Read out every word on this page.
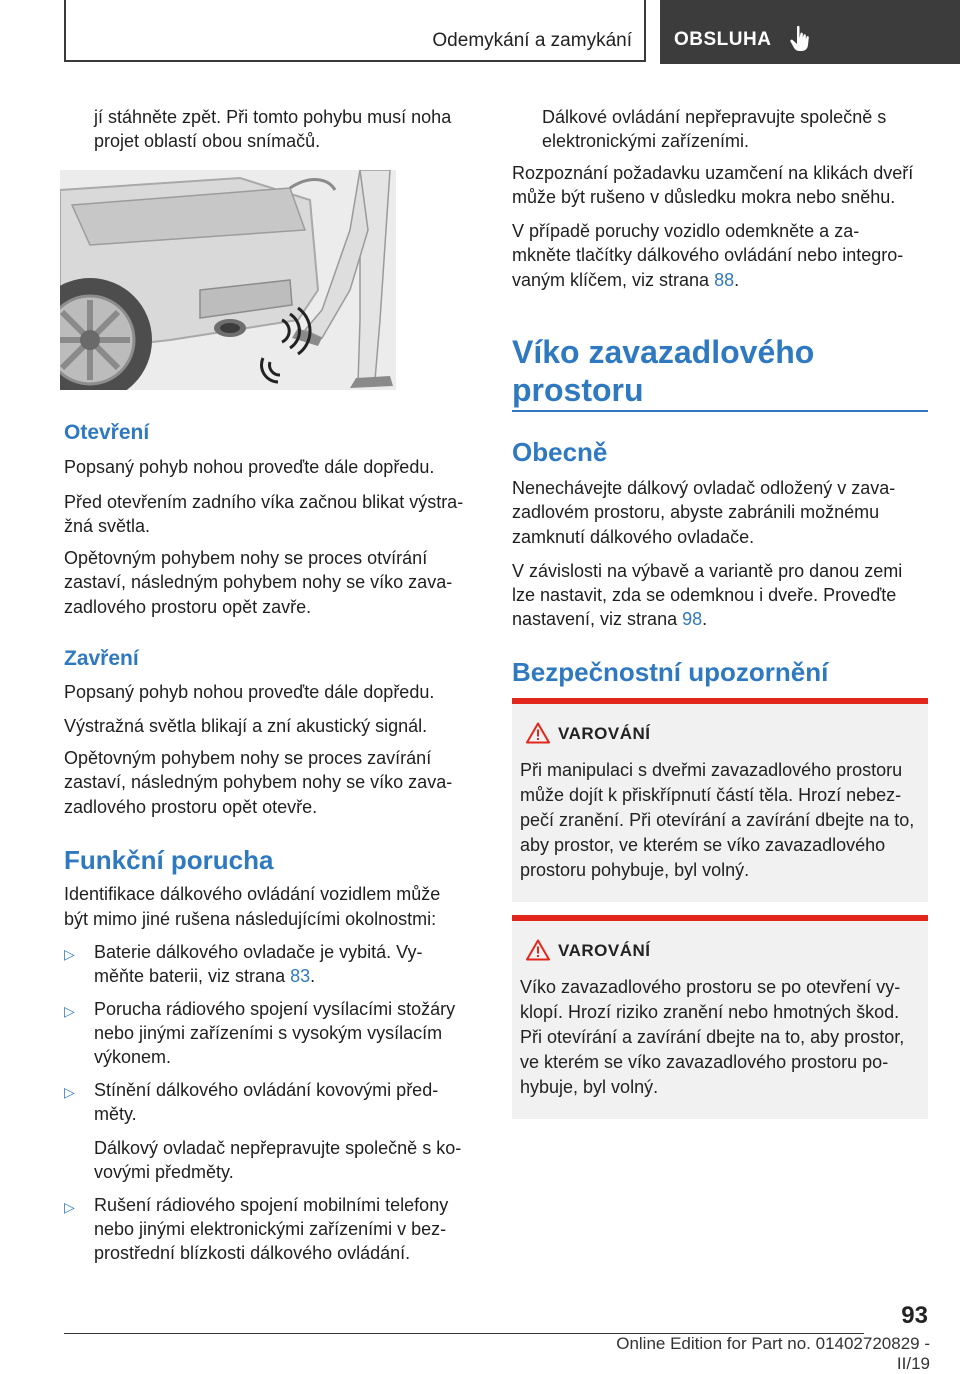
Odemykání a zamykání OBSLUHA

jí stáhněte zpět. Při tomto pohybu musí noha

projet oblastí obou snímačů.

Otevření

Popsaný pohyb nohou proveďte dále dopředu.

Před otevřením zadního víka začnou blikat výstra‐

žná světla.

Opětovným pohybem nohy se proces otvírání

zastaví, následným pohybem nohy se víko zava‐

zadlového prostoru opět zavře.

Zavření

Popsaný pohyb nohou proveďte dále dopředu.

Výstražná světla blikají a zní akustický signál.

Opětovným pohybem nohy se proces zavírání

zastaví, následným pohybem nohy se víko zava‐

zadlového prostoru opět otevře.

Funkční porucha

Identifikace dálkového ovládání vozidlem může

být mimo jiné rušena následujícími okolnostmi:

▷	Baterie dálkového ovladače je vybitá. Vy‐

měňte baterii, viz strana 83.

▷	Porucha rádiového spojení vysílacími stožáry

nebo jinými zařízeními s vysokým vysílacím

výkonem.

▷	Stínění dálkového ovládání kovovými před‐

měty.

Dálkový ovladač nepřepravujte společně s ko‐

vovými předměty.

▷	Rušení rádiového spojení mobilními telefony

nebo jinými elektronickými zařízeními v bez‐

prostřední blízkosti dálkového ovládání.

Dálkové ovládání nepřepravujte společně s

elektronickými zařízeními.

Rozpoznání požadavku uzamčení na klikách dveří

může být rušeno v důsledku mokra nebo sněhu.

V případě poruchy vozidlo odemkněte a za‐

mkněte tlačítky dálkového ovládání nebo integro‐

vaným klíčem, viz strana 88.

Víko zavazadlového
prostoru
Obecně

Nenechávejte dálkový ovladač odložený v zava‐

zadlovém prostoru, abyste zabránili možnému

zamknutí dálkového ovladače.

V závislosti na výbavě a variantě pro danou zemi

lze nastavit, zda se odemknou i dveře. Proveďte

nastavení, viz strana 98.

Bezpečnostní upozornění
VAROVÁNÍ
Při manipulaci s dveřmi zavazadlového prostoru
může dojít k přiskřípnutí částí těla. Hrozí nebez‐
pečí zranění. Při otevírání a zavírání dbejte na to,
aby prostor, ve kterém se víko zavazadlového
prostoru pohybuje, byl volný.
VAROVÁNÍ
Víko zavazadlového prostoru se po otevření vy‐
klopí. Hrozí riziko zranění nebo hmotných škod.
Při otevírání a zavírání dbejte na to, aby prostor,
ve kterém se víko zavazadlového prostoru po‐
hybuje, byl volný.
93
Online Edition for Part no. 01402720829 - II/19
